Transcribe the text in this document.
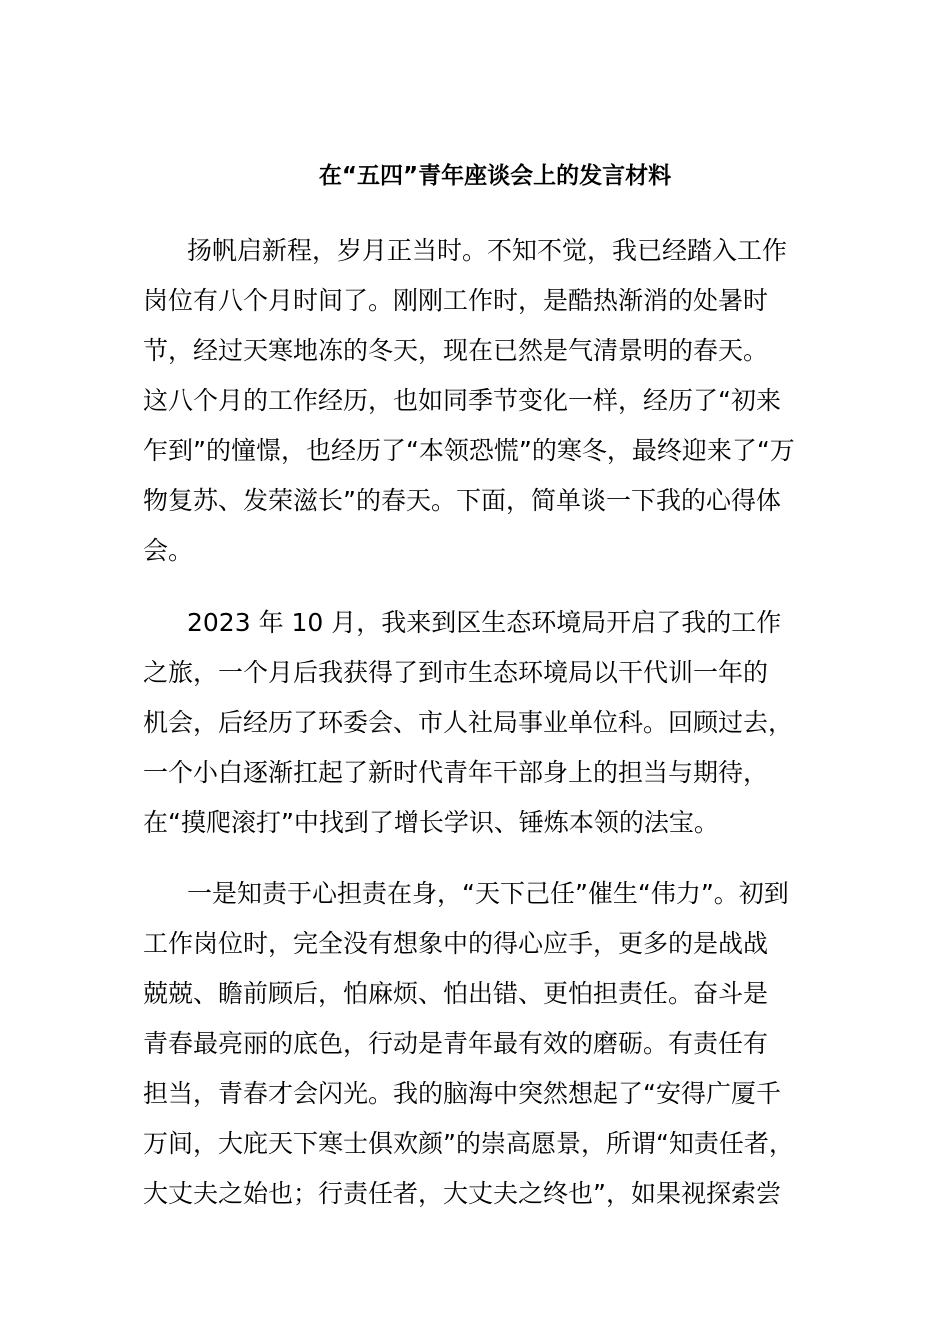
在“五四”青年座谈会上的发言材料
扬帆启新程，岁月正当时。不知不觉，我已经踏入工作
岗位有八个月时间了。刚刚工作时，是酷热渐消的处暑时
节，经过天寒地冻的冬天，现在已然是气清景明的春天。
这八个月的工作经历，也如同季节变化一样，经历了“初来
乍到”的憧憬，也经历了“本领恐慌”的寒冬，最终迎来了“万
物复苏、发荣滋长”的春天。下面，简单谈一下我的心得体
会。
2023 年 10 月，我来到区生态环境局开启了我的工作
之旅，一个月后我获得了到市生态环境局以干代训一年的
机会，后经历了环委会、市人社局事业单位科。回顾过去，
一个小白逐渐扛起了新时代青年干部身上的担当与期待，
在“摸爬滚打”中找到了增长学识、锤炼本领的法宝。
一是知责于心担责在身，“天下己任”催生“伟力”。初到
工作岗位时，完全没有想象中的得心应手，更多的是战战
兢兢、瞻前顾后，怕麻烦、怕出错、更怕担责任。奋斗是
青春最亮丽的底色，行动是青年最有效的磨砺。有责任有
担当，青春才会闪光。我的脑海中突然想起了“安得广厦千
万间，大庇天下寒士俱欢颜”的崇高愿景，所谓“知责任者，
大丈夫之始也；行责任者，大丈夫之终也”，如果视探索尝
